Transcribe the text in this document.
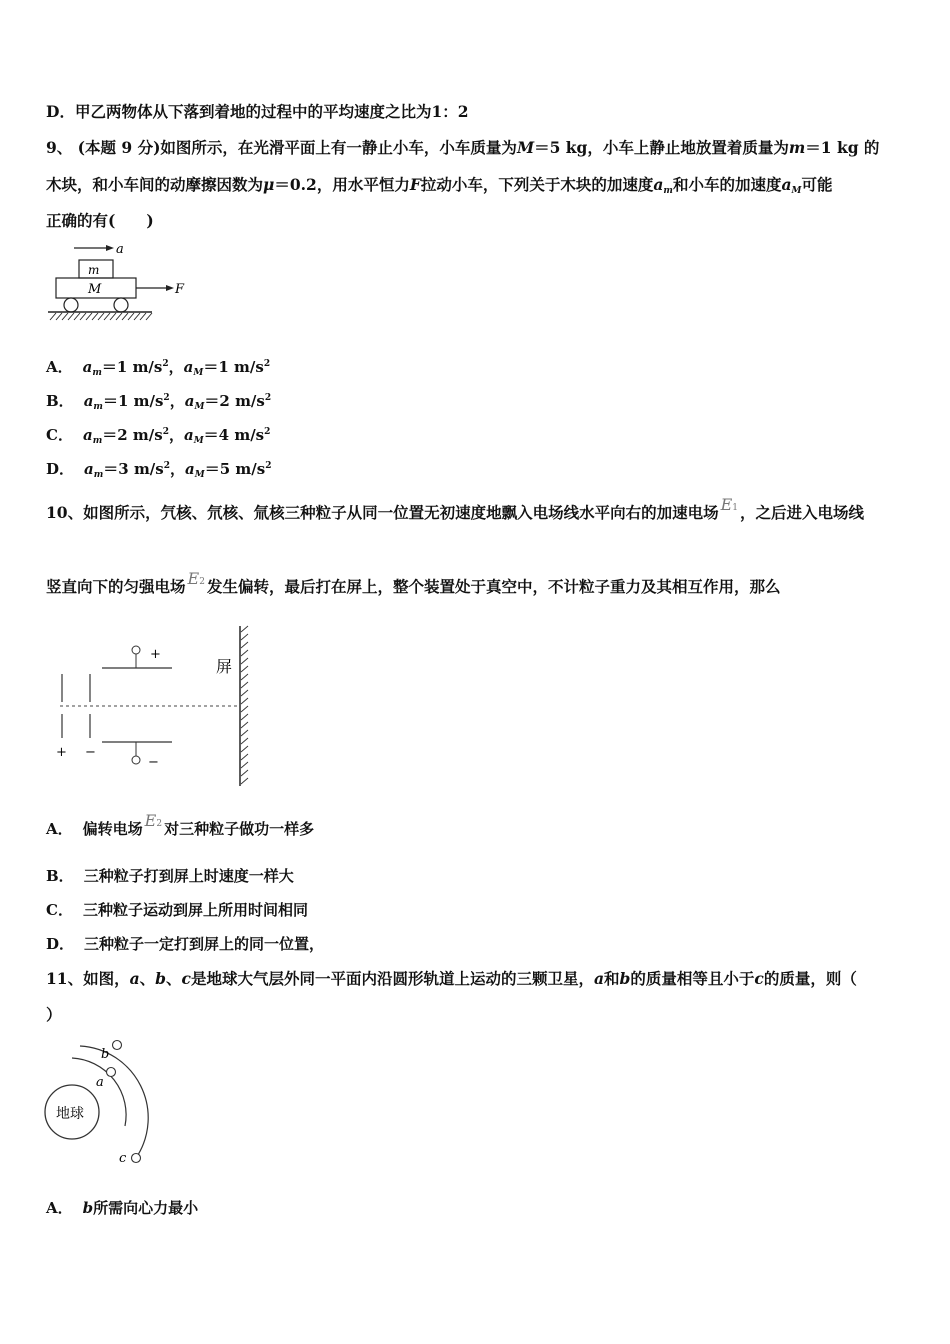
D．甲乙两物体从下落到着地的过程中的平均速度之比为1：2
9、 (本题 9 分)如图所示，在光滑平面上有一静止小车，小车质量为M＝5 kg，小车上静止地放置着质量为m＝1 kg 的
木块，和小车间的动摩擦因数为μ＝0.2，用水平恒力F拉动小车，下列关于木块的加速度$a_m$和小车的加速度$a_M$可能
正确的有(　　)
a
m
M	F
A． $a_m=1$ $m/s^2$，$a_M=1$ $m/s^2$
B． $a_m=1$ $m/s^2$，$a_M=2$ $m/s^2$
C． $a_m=2$ $m/s^2$，$a_M=4$ $m/s^2$
D． $a_m=3$ $m/s^2$，$a_M=5$ $m/s^2$
10、如图所示，氕核、氘核、氚核三种粒子从同一位置无初速度地飘入电场线水平向右的加速电场 E1 ，之后进入电场线
竖直向下的匀强电场 E2 发生偏转，最后打在屏上，整个装置处于真空中，不计粒子重力及其相互作用，那么
+ −
+
−
屏
A． 偏转电场 E2 对三种粒子做功一样多
B． 三种粒子打到屏上时速度一样大
C． 三种粒子运动到屏上所用时间相同
D． 三种粒子一定打到屏上的同一位置，
11、如图，a、b、c是地球大气层外同一平面内沿圆形轨道上运动的三颗卫星，a和b的质量相等且小于c的质量，则（
）
地球
a
b
c
A． b所需向心力最小
